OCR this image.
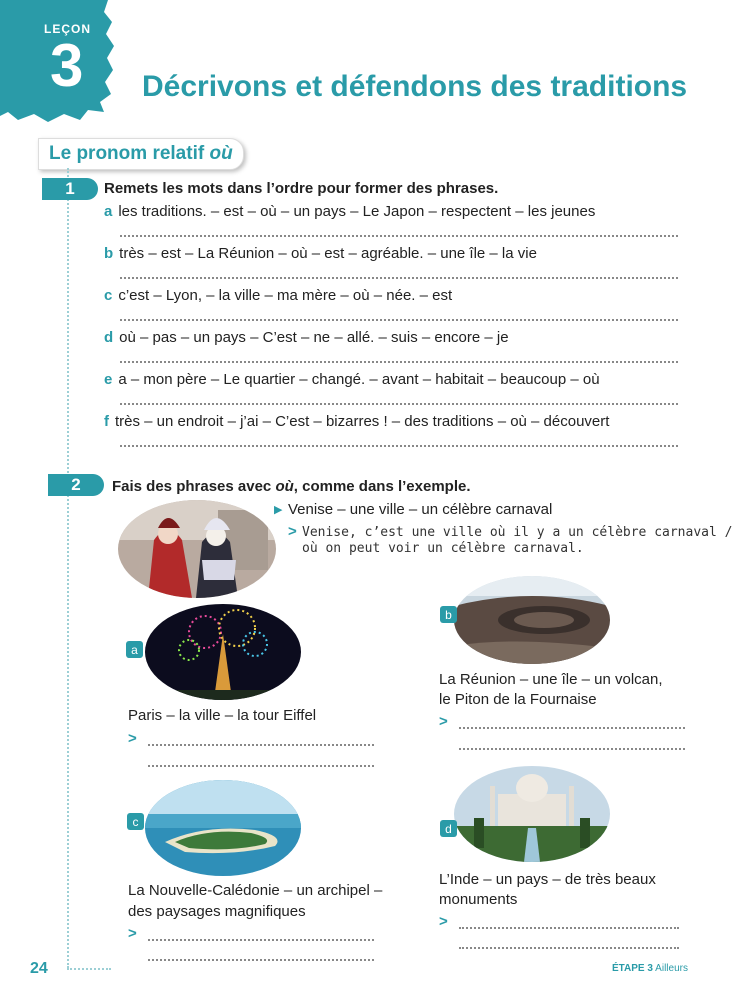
LEÇON
3 Décrivons et défendons des traditions
Le pronom relatif où
1	Remets les mots dans l’ordre pour former des phrases.
a les traditions. – est – où – un pays – Le Japon – respectent – les jeunes
b très – est – La Réunion – où – est – agréable. – une île – la vie
c c’est – Lyon, – la ville – ma mère – où – née. – est
d où – pas – un pays – C’est – ne – allé. – suis – encore – je
e a – mon père – Le quartier – changé. – avant – habitait – beaucoup – où
f très – un endroit – j’ai – C’est – bizarres ! – des traditions – où – découvert
2	Fais des phrases avec où, comme dans l’exemple.
▶ Venise – une ville – un célèbre carnaval
> Venise, c’est une ville où il y a un célèbre carnaval /
où on peut voir un célèbre carnaval.
a
Paris – la ville – la tour Eiffel
>
b
La Réunion – une île – un volcan,
le Piton de la Fournaise
>
c
La Nouvelle-Calédonie – un archipel –
des paysages magnifiques
>
d
L’Inde – un pays – de très beaux
monuments
>
24	ÉTAPE 3 Ailleurs
